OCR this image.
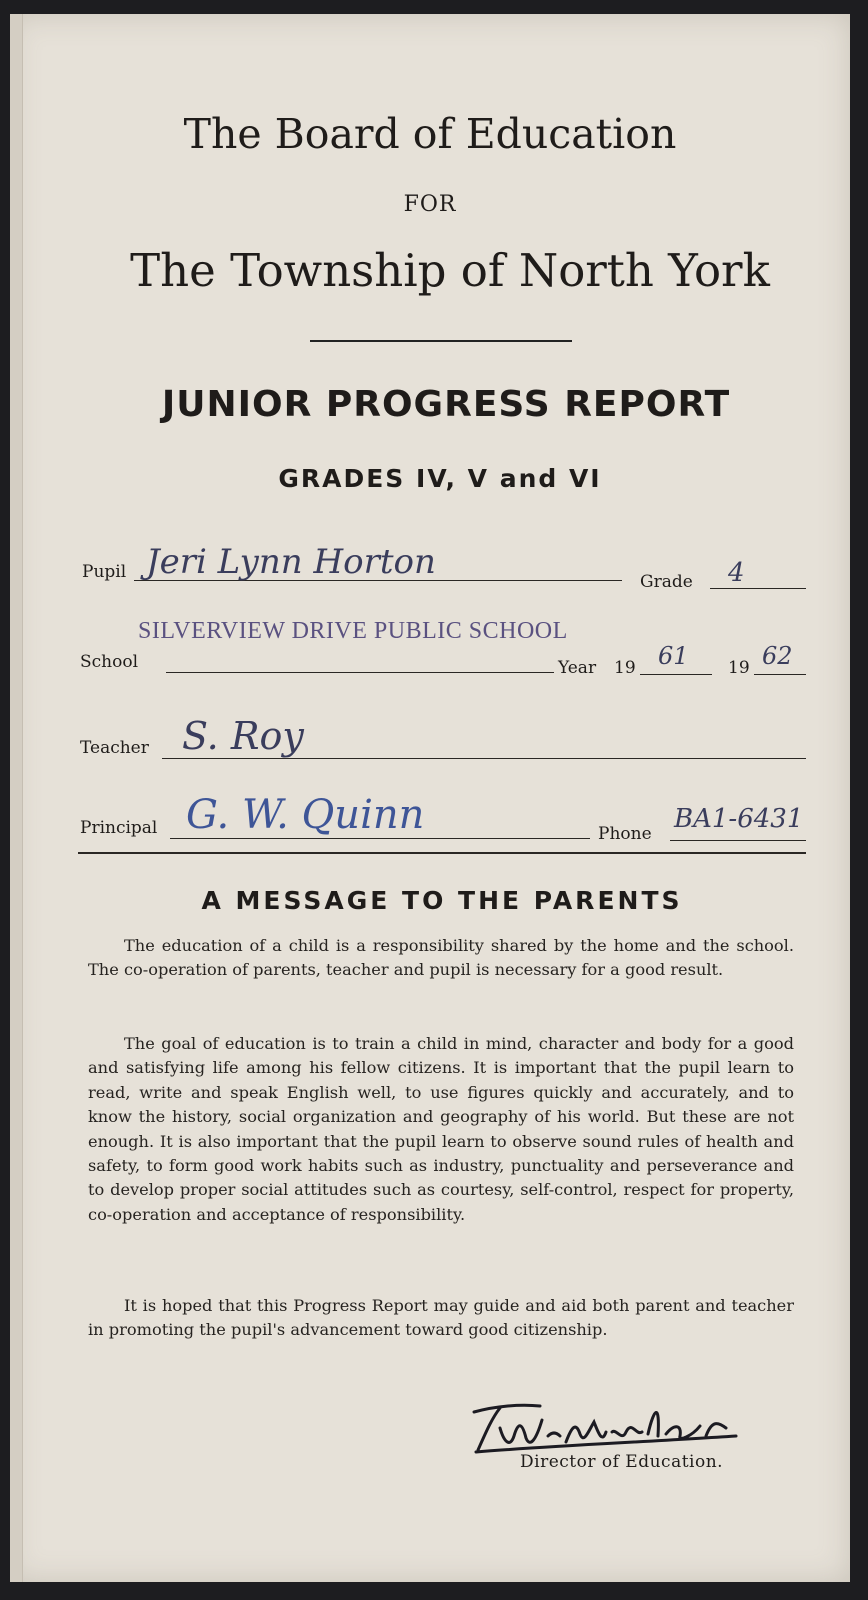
The Board of Education
FOR
The Township of North York
JUNIOR PROGRESS REPORT
GRADES IV, V and VI
Pupil Jeri Lynn Horton	Grade 4
SILVERVIEW DRIVE PUBLIC SCHOOL
School	Year 19 61 19 62
Teacher S. Roy
Principal G. W. Quinn	Phone BA1-6431
A MESSAGE TO THE PARENTS
The education of a child is a responsibility shared by the home and the school. The co-operation of parents, teacher and pupil is necessary for a good result.
The goal of education is to train a child in mind, character and body for a good and satisfying life among his fellow citizens. It is important that the pupil learn to read, write and speak English well, to use figures quickly and accurately, and to know the history, social organization and geography of his world. But these are not enough. It is also important that the pupil learn to observe sound rules of health and safety, to form good work habits such as industry, punctuality and perseverance and to develop proper social attitudes such as courtesy, self-control, respect for property, co-operation and acceptance of responsibility.
It is hoped that this Progress Report may guide and aid both parent and teacher in promoting the pupil's advancement toward good citizenship.
Director of Education.
